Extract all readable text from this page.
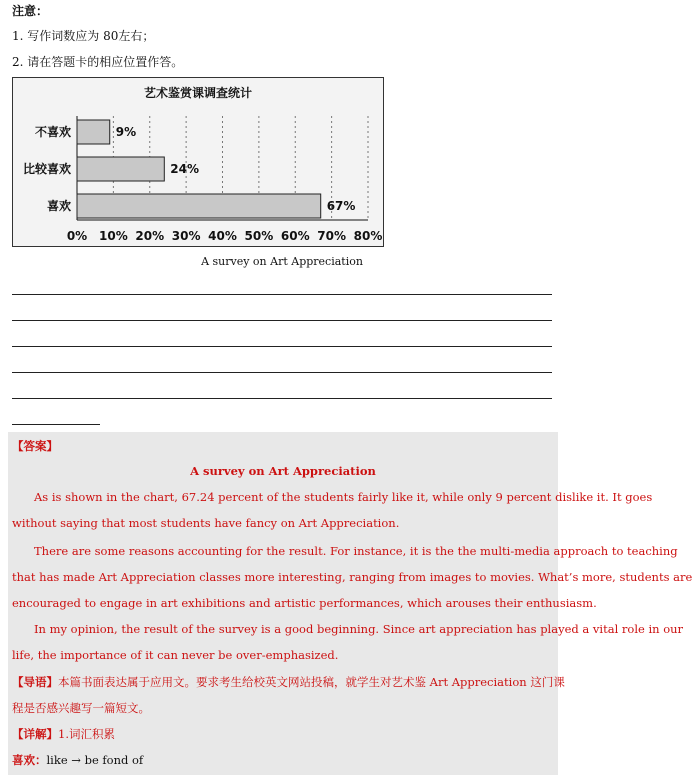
注意：
1. 写作词数应为 80左右；
2. 请在答题卡的相应位置作答。
艺术鉴赏课调查统计
9%
不喜欢
24%
比较喜欢
67%
喜欢
0% 10% 20% 30% 40% 50% 60% 70% 80%
A survey on Art Appreciation
【答案】
A survey on Art Appreciation
As is shown in the chart, 67.24 percent of the students fairly like it, while only 9 percent dislike it. It goes
without saying that most students have fancy on Art Appreciation.
There are some reasons accounting for the result. For instance, it is the the multi-media approach to teaching
that has made Art Appreciation classes more interesting, ranging from images to movies. What’s more, students are
encouraged to engage in art exhibitions and artistic performances, which arouses their enthusiasm.
In my opinion, the result of the survey is a good beginning. Since art appreciation has played a vital role in our
life, the importance of it can never be over-emphasized.
【导语】本篇书面表达属于应用文。要求考生给校英文网站投稿，就学生对艺术鉴 Art Appreciation 这门课
程是否感兴趣写一篇短文。
【详解】1.词汇积累
喜欢：like → be fond of
